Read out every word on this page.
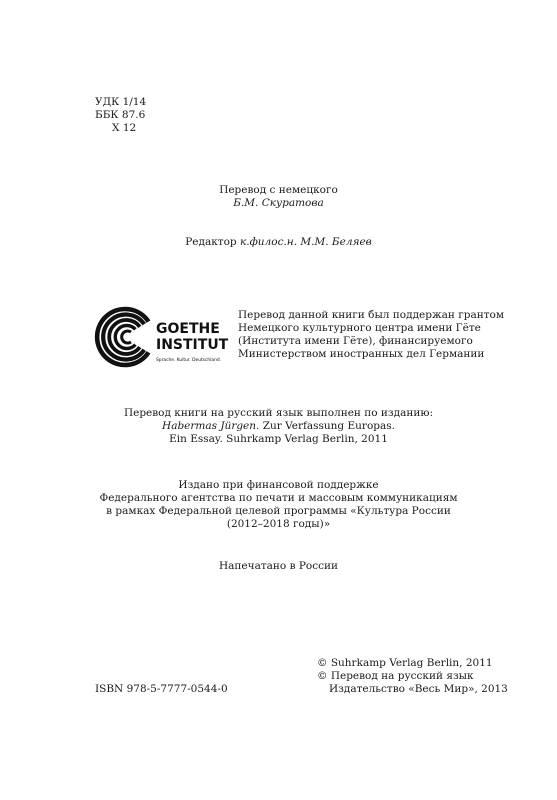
УДК 1/14
ББК 87.6
Х 12
Перевод с немецкого
Б.М. Скуратова
Редактор к.филос.н. М.М. Беляев
GOETHE
INSTITUT
Sprache. Kultur. Deutschland.
Перевод данной книги был поддержан грантом
Немецкого культурного центра имени Гёте
(Института имени Гёте), финансируемого
Министерством иностранных дел Германии
Перевод книги на русский язык выполнен по изданию:
Habermas Jürgen. Zur Verfassung Europas.
Ein Essay. Suhrkamp Verlag Berlin, 2011
Издано при финансовой поддержке
Федерального агентства по печати и массовым коммуникациям
в рамках Федеральной целевой программы «Культура России
(2012–2018 годы)»
Напечатано в России
ISBN 978-5-7777-0544-0
© Suhrkamp Verlag Berlin, 2011
© Перевод на русский язык
Издательство «Весь Мир», 2013
